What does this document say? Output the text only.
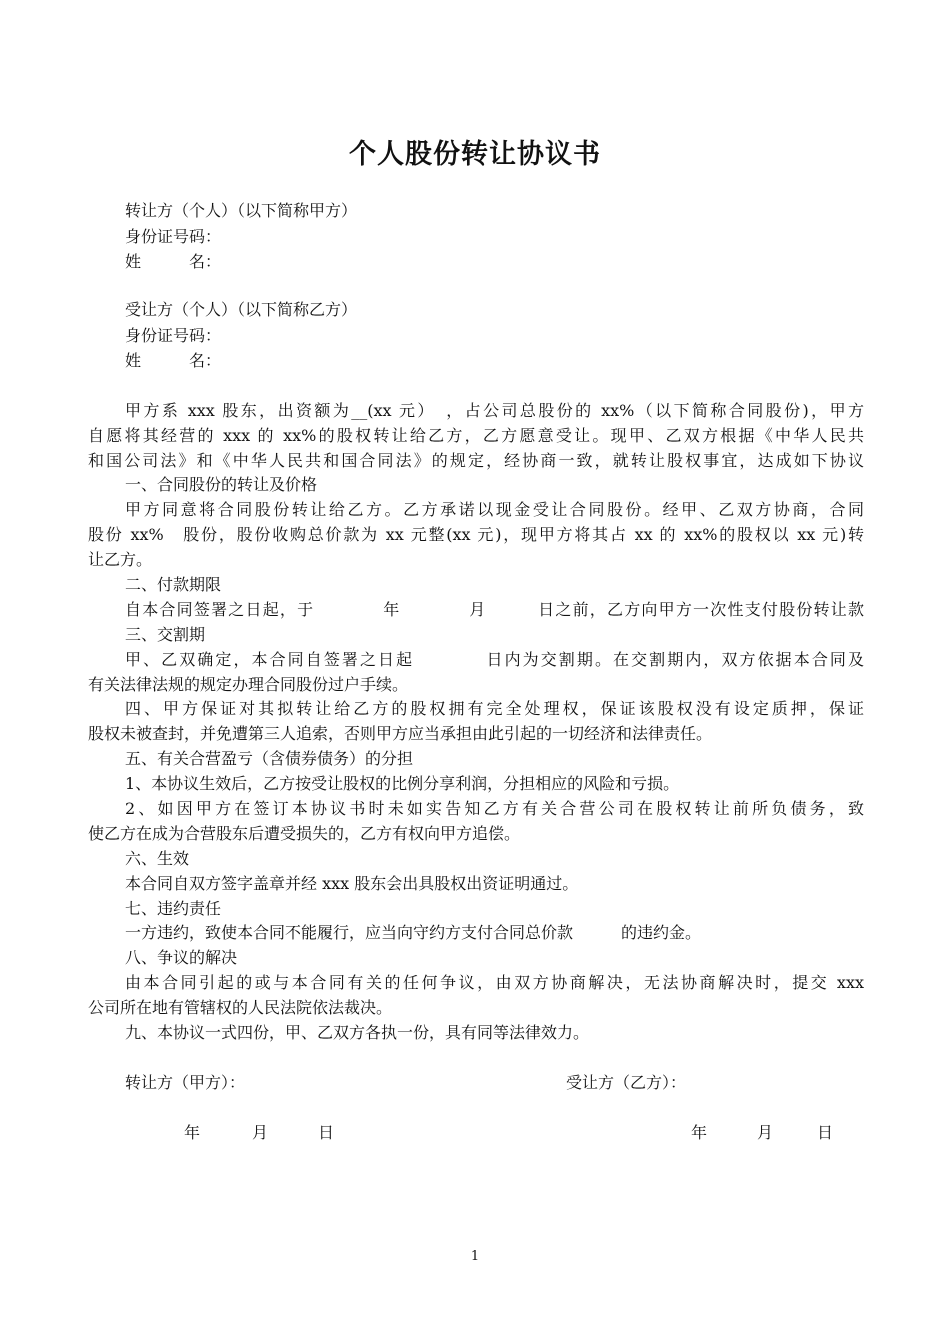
个人股份转让协议书
转让方（个人）（以下简称甲方）
身份证号码：
姓　　　名：
受让方（个人）（以下简称乙方）
身份证号码：
姓　　　名：
甲方系 xxx 股东，出资额为__(xx 元）　，占公司总股份的 xx%（以下简称合同股份)，甲方
自愿将其经营的 xxx 的 xx%的股权转让给乙方，乙方愿意受让。现甲、乙双方根据《中华人民共
和国公司法》和《中华人民共和国合同法》的规定，经协商一致，就转让股权事宜，达成如下协议
一、合同股份的转让及价格
甲方同意将合同股份转让给乙方。乙方承诺以现金受让合同股份。经甲、乙双方协商，合同
股份 xx%　股份，股份收购总价款为 xx 元整(xx 元)，现甲方将其占 xx 的 xx%的股权以 xx 元)转
让乙方。
二、付款期限
自本合同签署之日起，于　　　　年　　　　月　　　日之前，乙方向甲方一次性支付股份转让款
三、交割期
甲、乙双确定，本合同自签署之日起　　　　日内为交割期。在交割期内，双方依据本合同及
有关法律法规的规定办理合同股份过户手续。
四、甲方保证对其拟转让给乙方的股权拥有完全处理权，保证该股权没有设定质押，保证
股权未被查封，并免遭第三人追索，否则甲方应当承担由此引起的一切经济和法律责任。
五、有关合营盈亏（含债券债务）的分担
1、本协议生效后，乙方按受让股权的比例分享利润，分担相应的风险和亏损。
2、如因甲方在签订本协议书时未如实告知乙方有关合营公司在股权转让前所负债务，致
使乙方在成为合营股东后遭受损失的，乙方有权向甲方追偿。
六、生效
本合同自双方签字盖章并经 xxx 股东会出具股权出资证明通过。
七、违约责任
一方违约，致使本合同不能履行，应当向守约方支付合同总价款　　　的违约金。
八、争议的解决
由本合同引起的或与本合同有关的任何争议，由双方协商解决，无法协商解决时，提交 xxx
公司所在地有管辖权的人民法院依法裁决。
九、本协议一式四份，甲、乙双方各执一份，具有同等法律效力。
转让方（甲方）：	受让方（乙方）：
年	月	日	年	月	日
1
